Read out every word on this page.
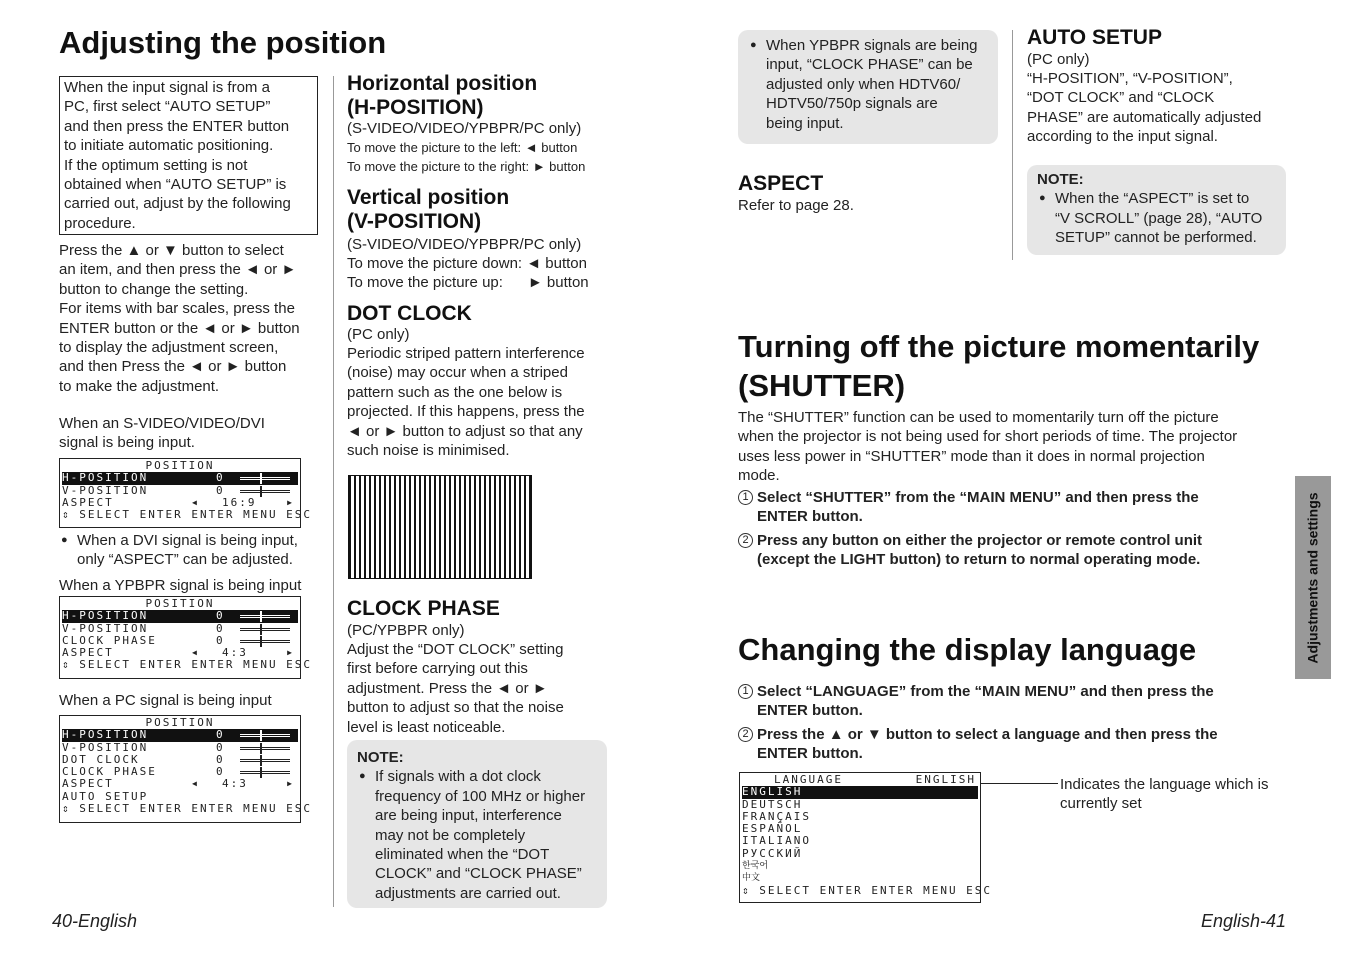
Adjusting the position

When the input signal is from a
PC, first select “AUTO SETUP”
and then press the ENTER button
to initiate automatic positioning.
If the optimum setting is not
obtained when “AUTO SETUP” is
carried out, adjust by the following
procedure.

Press the ▲ or ▼ button to select
an item, and then press the ◄ or ►
button to change the setting.
For items with bar scales, press the
ENTER button or the ◄ or ► button
to display the adjustment screen,
and then Press the ◄ or ► button
to make the adjustment.

When an S-VIDEO/VIDEO/DVI
signal is being input.

POSITION
H-POSITION	0
V-POSITION	0
ASPECT	◀ 16:9	▶
⇕ SELECT ENTER ENTER MENU ESC

● When a DVI signal is being input,
only “ASPECT” can be adjusted.

When a YPBPR signal is being input

POSITION
H-POSITION	0
V-POSITION	0
CLOCK PHASE	0
ASPECT	◀ 4:3	▶
⇕ SELECT ENTER ENTER MENU ESC

When a PC signal is being input

POSITION
H-POSITION	0
V-POSITION	0
DOT CLOCK	0
CLOCK PHASE	0
ASPECT	◀ 4:3	▶
AUTO SETUP
⇕ SELECT ENTER ENTER MENU ESC
40-English
Horizontal position
(H-POSITION)

(S-VIDEO/VIDEO/YPBPR/PC only)

To move the picture to the left: ◄ button

To move the picture to the right: ► button

Vertical position
(V-POSITION)

(S-VIDEO/VIDEO/YPBPR/PC only)

To move the picture down: ◄ button

To move the picture up:      ► button

DOT CLOCK

(PC only)

Periodic striped pattern interference
(noise) may occur when a striped
pattern such as the one below is
projected. If this happens, press the
◄ or ► button to adjust so that any
such noise is minimised.

CLOCK PHASE

(PC/YPBPR only)

Adjust the “DOT CLOCK” setting
first before carrying out this
adjustment. Press the ◄ or ►
button to adjust so that the noise
level is least noticeable.

NOTE:

● If signals with a dot clock
frequency of 100 MHz or higher
are being input, interference
may not be completely
eliminated when the “DOT
CLOCK” and “CLOCK PHASE”
adjustments are carried out.

● When YPBPR signals are being
input, “CLOCK PHASE” can be
adjusted only when HDTV60/
HDTV50/750p signals are
being input.

ASPECT

Refer to page 28.

AUTO SETUP

(PC only)

“H-POSITION”, “V-POSITION”,
“DOT CLOCK” and “CLOCK
PHASE” are automatically adjusted
according to the input signal.

NOTE:

● When the “ASPECT” is set to
“V SCROLL” (page 28), “AUTO
SETUP” cannot be performed.

Turning off the picture momentarily
(SHUTTER)

The “SHUTTER” function can be used to momentarily turn off the picture
when the projector is not being used for short periods of time. The projector
uses less power in “SHUTTER” mode than it does in normal projection
mode.

1 Select “SHUTTER” from the “MAIN MENU” and then press the
ENTER button.

2 Press any button on either the projector or remote control unit
(except the LIGHT button) to return to normal operating mode.

Changing the display language

1 Select “LANGUAGE” from the “MAIN MENU” and then press the
ENTER button.

2 Press the ▲ or ▼ button to select a language and then press the
ENTER button.

LANGUAGE	ENGLISH
ENGLISH
DEUTSCH
FRANÇAIS
ESPAÑOL
ITALIANO
РУССКИЙ
한국어
中文
⇕ SELECT ENTER ENTER MENU ESC

Indicates the language which is
currently set

Adjustments and settings
English-41
